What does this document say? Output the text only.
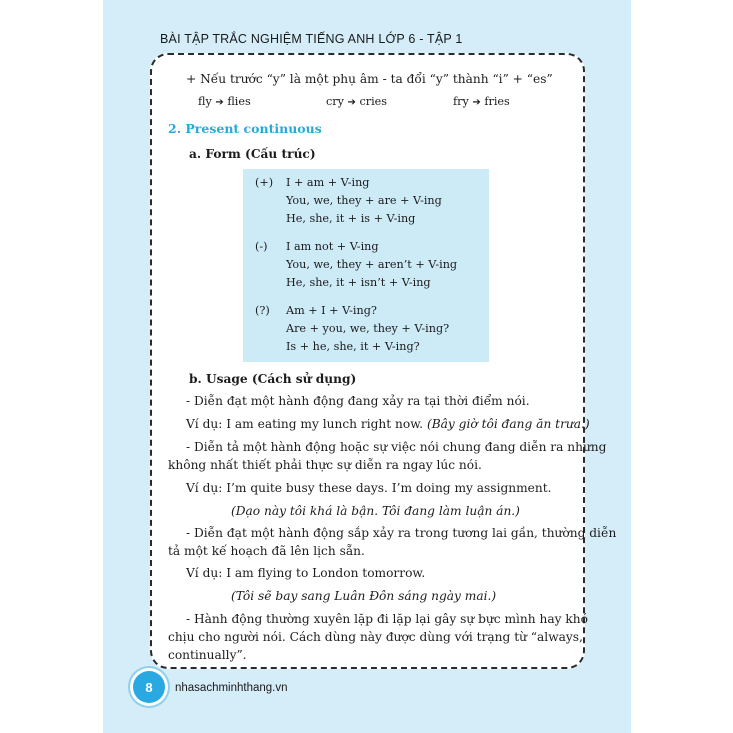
BÀI TẬP TRẮC NGHIỆM TIẾNG ANH LỚP 6 - TẬP 1
+ Nếu trước “y” là một phụ âm - ta đổi “y” thành “i” + “es”
fly ➔ flies	cry ➔ cries	fry ➔ fries
2. Present continuous
a. Form (Cấu trúc)
(+) I + am + V-ing
You, we, they + are + V-ing
He, she, it + is + V-ing
(-) I am not + V-ing
You, we, they + aren’t + V-ing
He, she, it + isn’t + V-ing
(?) Am + I + V-ing?
Are + you, we, they + V-ing?
Is + he, she, it + V-ing?
b. Usage (Cách sử dụng)
- Diễn đạt một hành động đang xảy ra tại thời điểm nói.
Ví dụ: I am eating my lunch right now. (Bây giờ tôi đang ăn trưa.)
- Diễn tả một hành động hoặc sự việc nói chung đang diễn ra nhưng
không nhất thiết phải thực sự diễn ra ngay lúc nói.
Ví dụ: I’m quite busy these days. I’m doing my assignment.
(Dạo này tôi khá là bận. Tôi đang làm luận án.)
- Diễn đạt một hành động sắp xảy ra trong tương lai gần, thường diễn
tả một kế hoạch đã lên lịch sẵn.
Ví dụ: I am flying to London tomorrow.
(Tôi sẽ bay sang Luân Đôn sáng ngày mai.)
- Hành động thường xuyên lặp đi lặp lại gây sự bực mình hay khó
chịu cho người nói. Cách dùng này được dùng với trạng từ “always,
continually”.
8	nhasachminhthang.vn
